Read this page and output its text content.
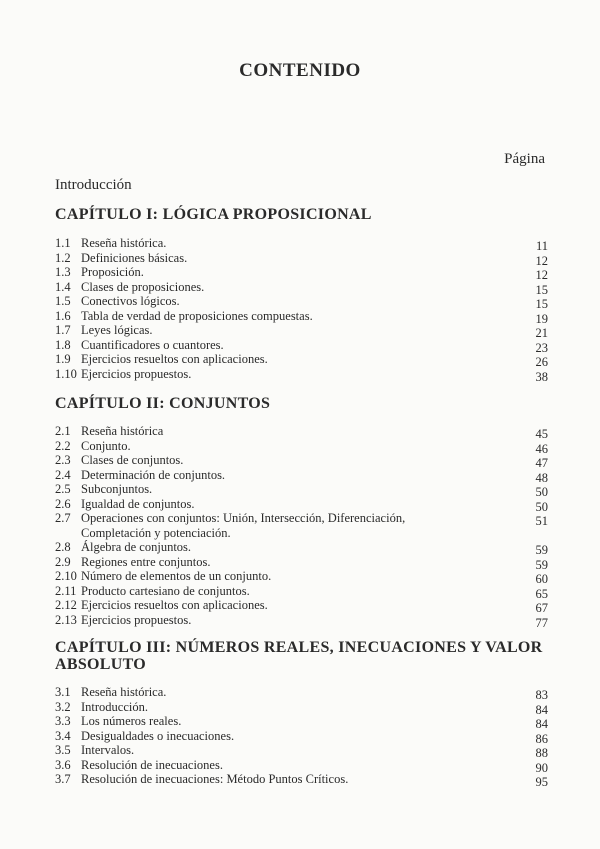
CONTENIDO
Página
Introducción
CAPÍTULO I: LÓGICA PROPOSICIONAL
1.1 Reseña histórica.	11
1.2 Definiciones básicas.	12
1.3 Proposición.	12
1.4 Clases de proposiciones.	15
1.5 Conectivos lógicos.	15
1.6 Tabla de verdad de proposiciones compuestas.	19
1.7 Leyes lógicas.	21
1.8 Cuantificadores o cuantores.	23
1.9 Ejercicios resueltos con aplicaciones.	26
1.10 Ejercicios propuestos.	38
CAPÍTULO II: CONJUNTOS
2.1 Reseña histórica	45
2.2 Conjunto.	46
2.3 Clases de conjuntos.	47
2.4 Determinación de conjuntos.	48
2.5 Subconjuntos.	50
2.6 Igualdad de conjuntos.	50
2.7 Operaciones con conjuntos: Unión, Intersección, Diferenciación,	51
Completación y potenciación.
2.8 Álgebra de conjuntos.	59
2.9 Regiones entre conjuntos.	59
2.10 Número de elementos de un conjunto.	60
2.11 Producto cartesiano de conjuntos.	65
2.12 Ejercicios resueltos con aplicaciones.	67
2.13 Ejercicios propuestos.	77
CAPÍTULO III: NÚMEROS REALES, INECUACIONES Y VALOR
ABSOLUTO
3.1 Reseña histórica.	83
3.2 Introducción.	84
3.3 Los números reales.	84
3.4 Desigualdades o inecuaciones.	86
3.5 Intervalos.	88
3.6 Resolución de inecuaciones.	90
3.7 Resolución de inecuaciones: Método Puntos Críticos.	95
